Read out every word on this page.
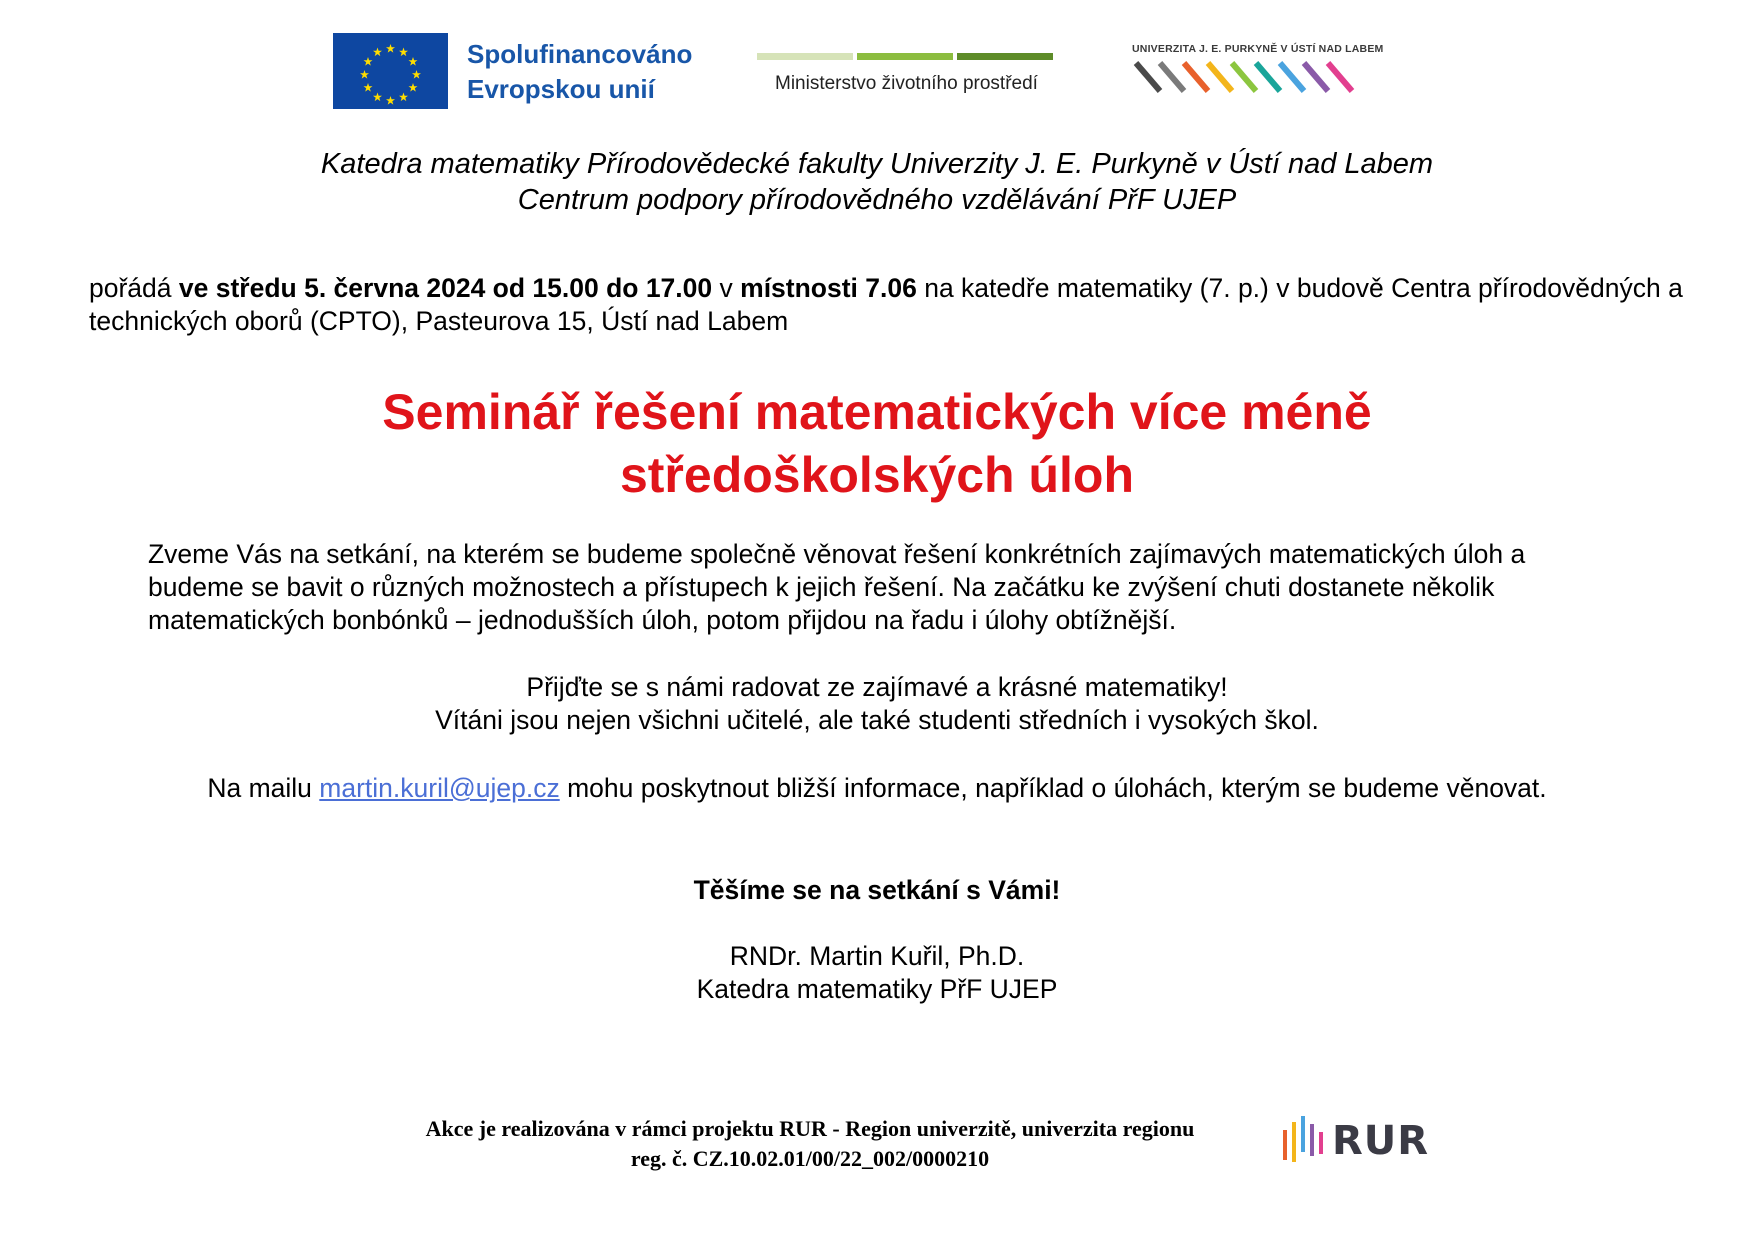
Spolufinancováno
Evropskou unií	Ministerstvo životního prostředí
UNIVERZITA J. E. PURKYNĚ V ÚSTÍ NAD LABEM
Katedra matematiky Přírodovědecké fakulty Univerzity J. E. Purkyně v Ústí nad Labem
Centrum podpory přírodovědného vzdělávání PřF UJEP
pořádá ve středu 5. června 2024 od 15.00 do 17.00 v místnosti 7.06 na katedře matematiky (7. p.) v budově Centra přírodovědných a technických oborů (CPTO), Pasteurova 15, Ústí nad Labem
Seminář řešení matematických více méně
středoškolských úloh
Zveme Vás na setkání, na kterém se budeme společně věnovat řešení konkrétních zajímavých matematických úloh a budeme se bavit o různých možnostech a přístupech k jejich řešení. Na začátku ke zvýšení chuti dostanete několik matematických bonbónků – jednodušších úloh, potom přijdou na řadu i úlohy obtížnější.
Přijďte se s námi radovat ze zajímavé a krásné matematiky!
Vítáni jsou nejen všichni učitelé, ale také studenti středních i vysokých škol.
Na mailu martin.kuril@ujep.cz mohu poskytnout bližší informace, například o úlohách, kterým se budeme věnovat.
Těšíme se na setkání s Vámi!
RNDr. Martin Kuřil, Ph.D.
Katedra matematiky PřF UJEP
Akce je realizována v rámci projektu RUR - Region univerzitě, univerzita regionu
reg. č. CZ.10.02.01/00/22_002/0000210	RUR
